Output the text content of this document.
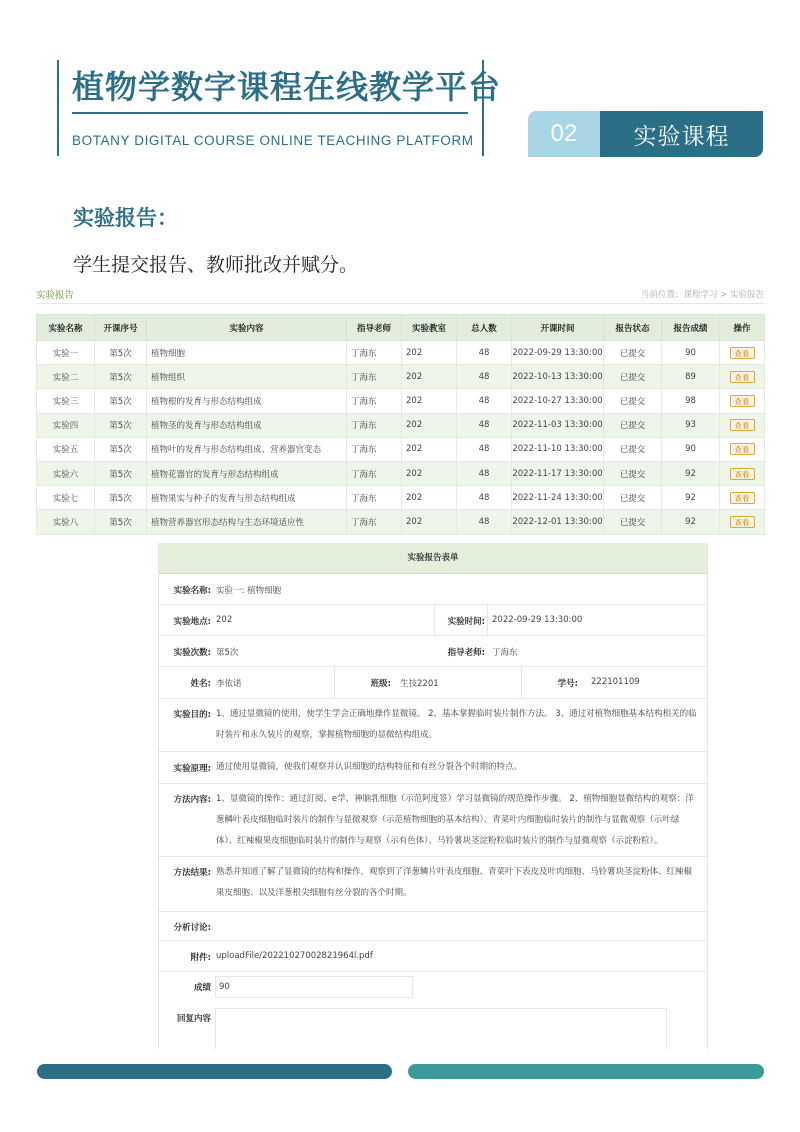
植物学数字课程在线教学平台
BOTANY DIGITAL COURSE ONLINE TEACHING PLATFORM	02	实验课程
实验报告：
学生提交报告、教师批改并赋分。
实验报告	当前位置：课程学习 > 实验报告
实验名称	开课序号	实验内容	指导老师	实验教室	总人数	开课时间	报告状态	报告成绩	操作
实验一	第5次	植物细胞	丁海东	202	48	2022-09-29 13:30:00	已提交	90	查看
实验二	第5次	植物组织	丁海东	202	48	2022-10-13 13:30:00	已提交	89	查看
实验三	第5次	植物根的发育与形态结构组成	丁海东	202	48	2022-10-27 13:30:00	已提交	98	查看
实验四	第5次	植物茎的发育与形态结构组成	丁海东	202	48	2022-11-03 13:30:00	已提交	93	查看
实验五	第5次	植物叶的发育与形态结构组成、营养器官变态	丁海东	202	48	2022-11-10 13:30:00	已提交	90	查看
实验六	第5次	植物花器官的发育与形态结构组成	丁海东	202	48	2022-11-17 13:30:00	已提交	92	查看
实验七	第5次	植物果实与种子的发育与形态结构组成	丁海东	202	48	2022-11-24 13:30:00	已提交	92	查看
实验八	第5次	植物营养器官形态结构与生态环境适应性	丁海东	202	48	2022-12-01 13:30:00	已提交	92	查看
实验报告表单
实验名称: 实验一: 植物细胞
实验地点: 202	实验时间: 2022-09-29 13:30:00
实验次数: 第5次	指导老师: 丁海东
姓名: 李依诺	班级: 生技2201	学号: 222101109
实验目的: 1、通过显微镜的使用，使学生学会正确地操作显微镜。 2、基本掌握临时装片制作方法。 3、通过对植物细胞基本结构相关的临时装片和永久装片的观察，掌握植物细胞的显微结构组成。
实验原理: 通过使用显微镜，使我们观察并认识细胞的结构特征和有丝分裂各个时期的特点。
方法内容: 1、显微镜的操作：通过訂阅、e学、神脑乳细胞（示范阿度签）学习显微镜的规范操作步骤。 2、植物细胞显微结构的观察：洋葱鳞叶表皮细胞临时装片的制作与显微观察（示范植物细胞的基本结构）、青菜叶内细胞临时装片的制作与显微观察（示叶绿体）、红辣椒果皮细胞临时装片的制作与观察（示有色体）、马铃薯块茎淀粉粒临时装片的制作与显微观察（示淀粉粒）。
方法结果: 熟悉并知道了解了显微镜的结构和操作，观察到了洋葱鳞片叶表皮细胞、青菜叶下表皮及叶肉细胞、马铃薯块茎淀粉体、红辣椒果皮细胞、以及洋葱根尖细胞有丝分裂的各个时期。
分析讨论:
附件: uploadFile/20221027002821964l.pdf
成绩 90
回复内容
